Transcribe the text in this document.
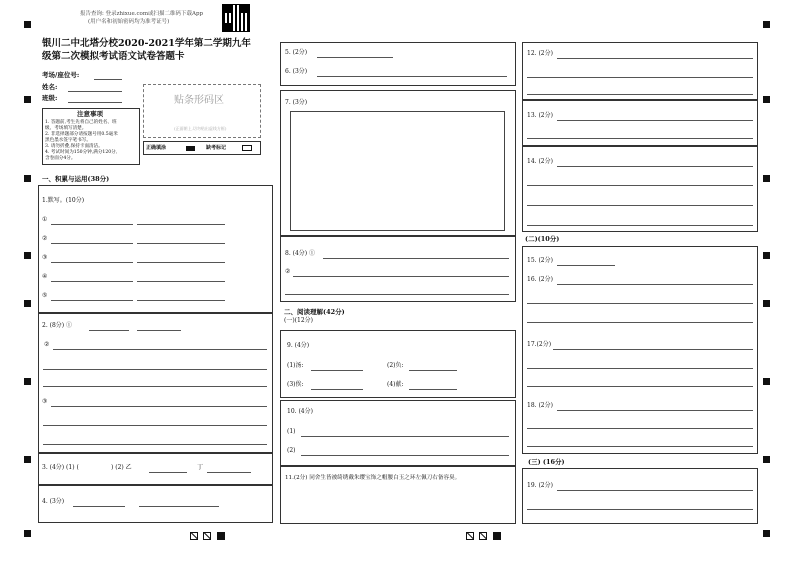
报告查询: 登录zhixue.com或扫描二维码下载App
(用户名和初始密码均为准考证号)
银川二中北塔分校2020-2021学年第二学期九年
级第二次模拟考试语文试卷答题卡
考场/座位号:
姓名:
班级:	贴条形码区
(正面朝上,切勿贴出虚线方框)
注意事项
1. 答题前,考生先将自己的姓名、班
级、考场填写清楚。
2. 非选择题部分请按题号用0.5毫米
黑色墨水签字笔书写。
3. 请勿折叠,保持卡面清洁。
4. 考试时间为150分钟,满分120分,
含卷面分4分。
正确填涂	缺考标记
一、积累与运用(38分)
1.默写。(10分)
①
②
③
④
⑤
2. (8分) ①
②
③
3. (4分) (1) (	) (2) 乙	丁
4. (3分)
5. (2分)
6. (3分)
7. (3分)
8. (4分) ①
②
二、阅读理解(42分)
(一)(12分)
9. (4分)
(1)汤:	(2)负:
(3)俟:	(4)献:
10. (4分)
(1)
(2)
11.(2分) 同舍生皆被绮绣戴朱缨宝饰之帽腰白玉之环左佩刀右备容臭。
12. (2分)
13. (2分)
14. (2分)
(二)(10分)
15. (2分)
16. (2分)
17.(2分)
18. (2分)
(三) (16分)
19. (2分)
